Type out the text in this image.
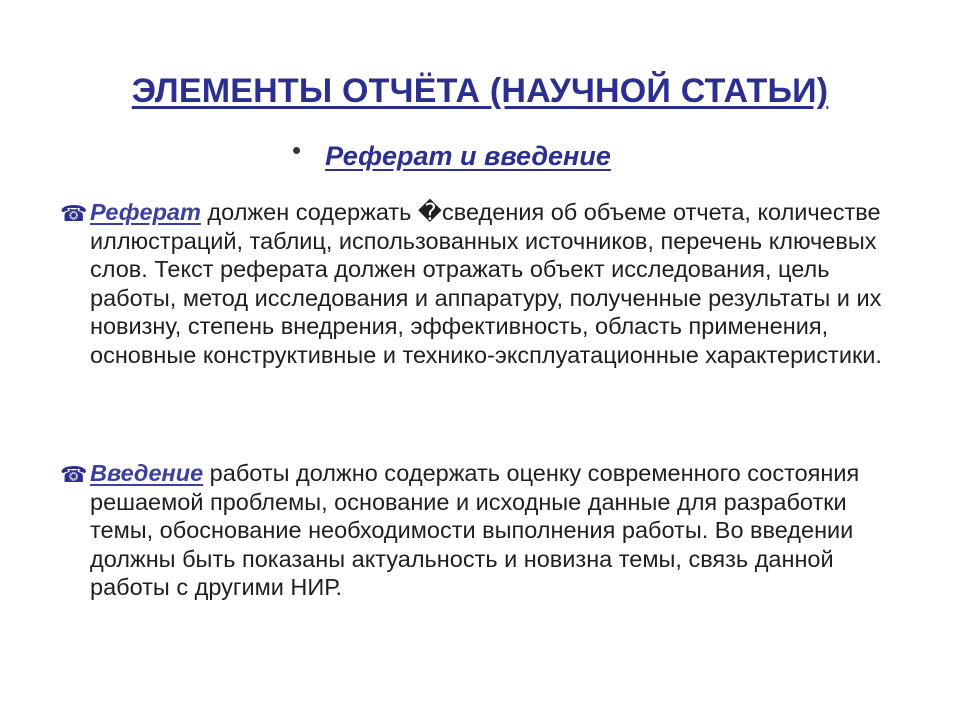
ЭЛЕМЕНТЫ ОТЧЁТА (НАУЧНОЙ СТАТЬИ)
• Реферат и введение
☎ Реферат должен содержать �сведения об объеме отчета, количестве иллюстраций, таблиц, использованных источников, перечень ключевых слов. Текст реферата должен отражать объект исследования, цель работы, метод исследования и аппаратуру, полученные результаты и их новизну, степень внедрения, эффективность, область применения, основные конструктивные и технико-эксплуатационные характеристики.
☎ Введение работы должно содержать оценку современного состояния решаемой проблемы, основание и исходные данные для разработки темы, обоснование необходимости выполнения работы. Во введении должны быть показаны актуальность и новизна темы, связь данной работы с другими НИР.
